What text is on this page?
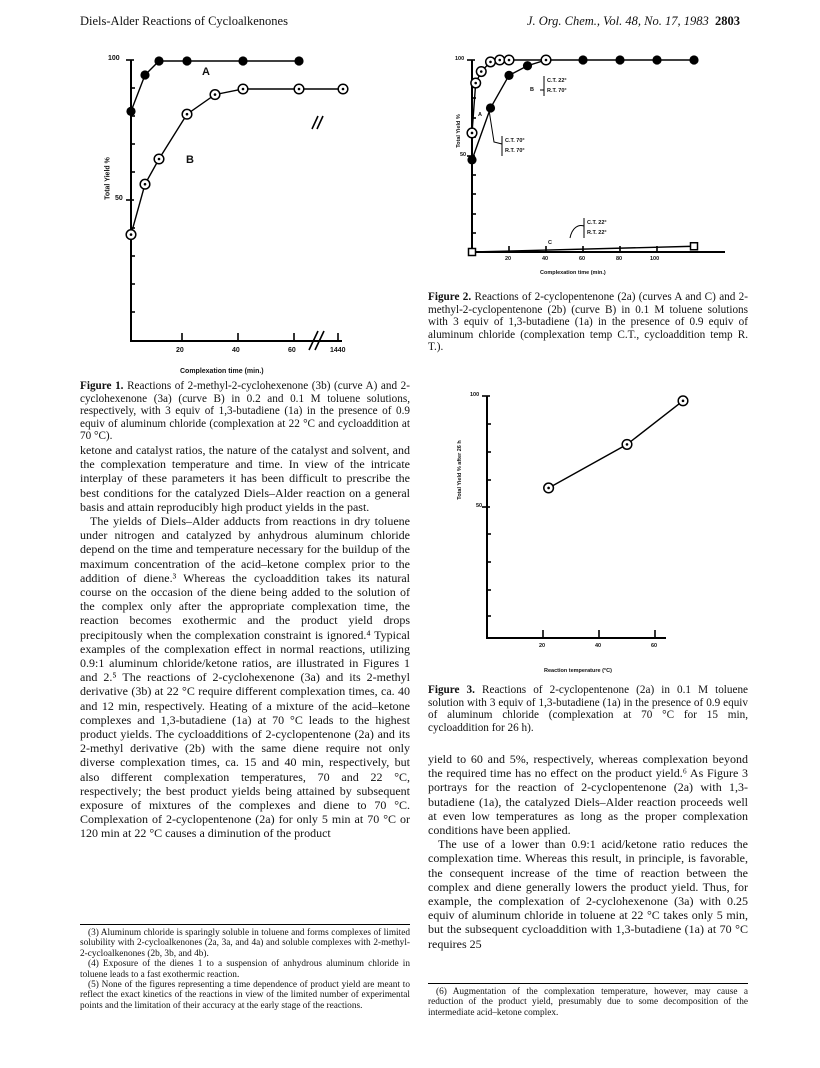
Diels-Alder Reactions of Cycloalkenones	J. Org. Chem., Vol. 48, No. 17, 1983 2803
100
50
20	40	60	1440
Total Yield %
Complexation time (min.)
A
B
Figure 1. Reactions of 2-methyl-2-cyclohexenone (3b) (curve A) and 2-cyclohexenone (3a) (curve B) in 0.2 and 0.1 M toluene solutions, respectively, with 3 equiv of 1,3-butadiene (1a) in the presence of 0.9 equiv of aluminum chloride (complexation at 22 °C and cycloaddition at 70 °C).
100
50
20	40	60	80	100
Total Yield %
Complexation time (min.)
B
A
C
C.T. 22°
R.T. 70°
C.T. 70°
R.T. 70°
C.T. 22°
R.T. 22°
Figure 2. Reactions of 2-cyclopentenone (2a) (curves A and C) and 2-methyl-2-cyclopentenone (2b) (curve B) in 0.1 M toluene solutions with 3 equiv of 1,3-butadiene (1a) in the presence of 0.9 equiv of aluminum chloride (complexation temp C.T., cycloaddition temp R. T.).
100
50
20	40	60
Total Yield % after 26 h
Reaction temperature (°C)
Figure 3. Reactions of 2-cyclopentenone (2a) in 0.1 M toluene solution with 3 equiv of 1,3-butadiene (1a) in the presence of 0.9 equiv of aluminum chloride (complexation at 70 °C for 15 min, cycloaddition for 26 h).

ketone and catalyst ratios, the nature of the catalyst and solvent, and the complexation temperature and time. In view of the intricate interplay of these parameters it has been difficult to prescribe the best conditions for the catalyzed Diels–Alder reaction on a general basis and attain reproducibly high product yields in the past.

The yields of Diels–Alder adducts from reactions in dry toluene under nitrogen and catalyzed by anhydrous aluminum chloride depend on the time and temperature necessary for the buildup of the maximum concentration of the acid–ketone complex prior to the addition of diene.³ Whereas the cycloaddition takes its natural course on the occasion of the diene being added to the solution of the complex only after the appropriate complexation time, the reaction becomes exothermic and the product yield drops precipitously when the complexation constraint is ignored.⁴ Typical examples of the complexation effect in normal reactions, utilizing 0.9:1 aluminum chloride/ketone ratios, are illustrated in Figures 1 and 2.⁵ The reactions of 2-cyclohexenone (3a) and its 2-methyl derivative (3b) at 22 °C require different complexation times, ca. 40 and 12 min, respectively. Heating of a mixture of the acid–ketone complexes and 1,3-butadiene (1a) at 70 °C leads to the highest product yields. The cycloadditions of 2-cyclopentenone (2a) and its 2-methyl derivative (2b) with the same diene require not only diverse complexation times, ca. 15 and 40 min, respectively, but also different complexation temperatures, 70 and 22 °C, respectively; the best product yields being attained by subsequent exposure of mixtures of the complexes and diene to 70 °C. Complexation of 2-cyclopentenone (2a) for only 5 min at 70 °C or 120 min at 22 °C causes a diminution of the product

yield to 60 and 5%, respectively, whereas complexation beyond the required time has no effect on the product yield.⁶ As Figure 3 portrays for the reaction of 2-cyclopentenone (2a) with 1,3-butadiene (1a), the catalyzed Diels–Alder reaction proceeds well at even low temperatures as long as the proper complexation conditions have been applied.

The use of a lower than 0.9:1 acid/ketone ratio reduces the complexation time. Whereas this result, in principle, is favorable, the consequent increase of the time of reaction between the complex and diene generally lowers the product yield. Thus, for example, the complexation of 2-cyclohexenone (3a) with 0.25 equiv of aluminum chloride in toluene at 22 °C takes only 5 min, but the subsequent cycloaddition with 1,3-butadiene (1a) at 70 °C requires 25

(3) Aluminum chloride is sparingly soluble in toluene and forms complexes of limited solubility with 2-cycloalkenones (2a, 3a, and 4a) and soluble complexes with 2-methyl-2-cycloalkenones (2b, 3b, and 4b).

(4) Exposure of the dienes 1 to a suspension of anhydrous aluminum chloride in toluene leads to a fast exothermic reaction.

(5) None of the figures representing a time dependence of product yield are meant to reflect the exact kinetics of the reactions in view of the limited number of experimental points and the limitation of their accuracy at the early stage of the reactions.

(6) Augmentation of the complexation temperature, however, may cause a reduction of the product yield, presumably due to some decomposition of the intermediate acid–ketone complex.
